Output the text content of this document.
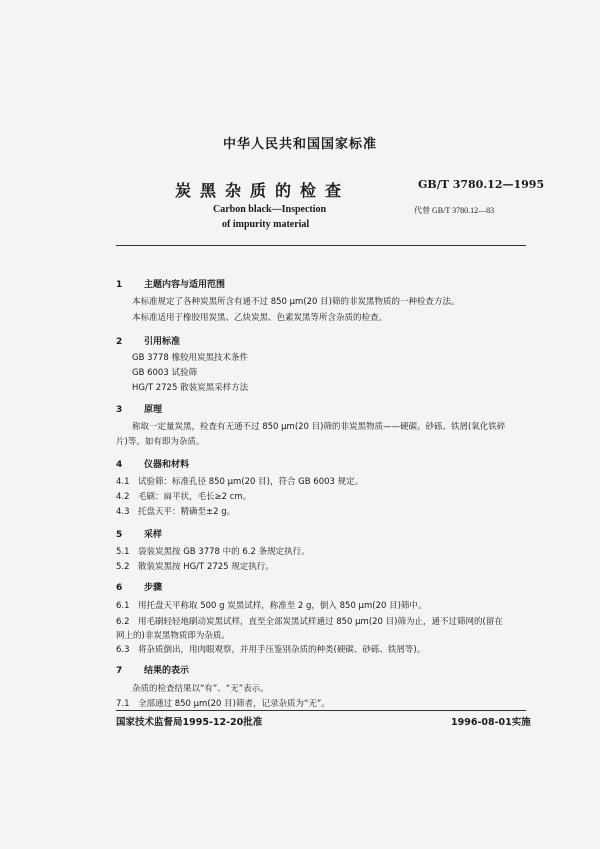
中华人民共和国国家标准
炭黑杂质的检查	GB/T 3780.12—1995
Carbon black—Inspection
of impurity material
代替 GB/T 3780.12—83
1 主题内容与适用范围
本标准规定了各种炭黑所含有通不过 850 μm(20 目)筛的非炭黑物质的一种检查方法。
本标准适用于橡胶用炭黑、乙炔炭黑、色素炭黑等所含杂质的检查。
2 引用标准
GB 3778 橡胶用炭黑技术条件
GB 6003 试验筛
HG/T 2725 散装炭黑采样方法
3 原理
称取一定量炭黑，检查有无通不过 850 μm(20 目)筛的非炭黑物质——硬碳、砂砾、铁屑(氧化铁碎
片)等。如有即为杂质。
4 仪器和材料
4.1 试验筛：标准孔径 850 μm(20 目)，符合 GB 6003 规定。
4.2 毛刷：扁平状，毛长≥2 cm。
4.3 托盘天平：精确至±2 g。
5 采样
5.1 袋装炭黑按 GB 3778 中的 6.2 条规定执行。
5.2 散装炭黑按 HG/T 2725 规定执行。
6 步骤
6.1 用托盘天平称取 500 g 炭黑试样，称准至 2 g，倒入 850 μm(20 目)筛中。
6.2 用毛刷轻轻地刷动炭黑试样，直至全部炭黑试样通过 850 μm(20 目)筛为止，通不过筛网的(留在
网上的)非炭黑物质即为杂质。
6.3 将杂质倒出，用肉眼观察，并用手压鉴别杂质的种类(硬碳、砂砾、铁屑等)。
7 结果的表示
杂质的检查结果以“有”、“无”表示。
7.1 全部通过 850 μm(20 目)筛者，记录杂质为“无”。
国家技术监督局1995-12-20批准	1996-08-01实施
